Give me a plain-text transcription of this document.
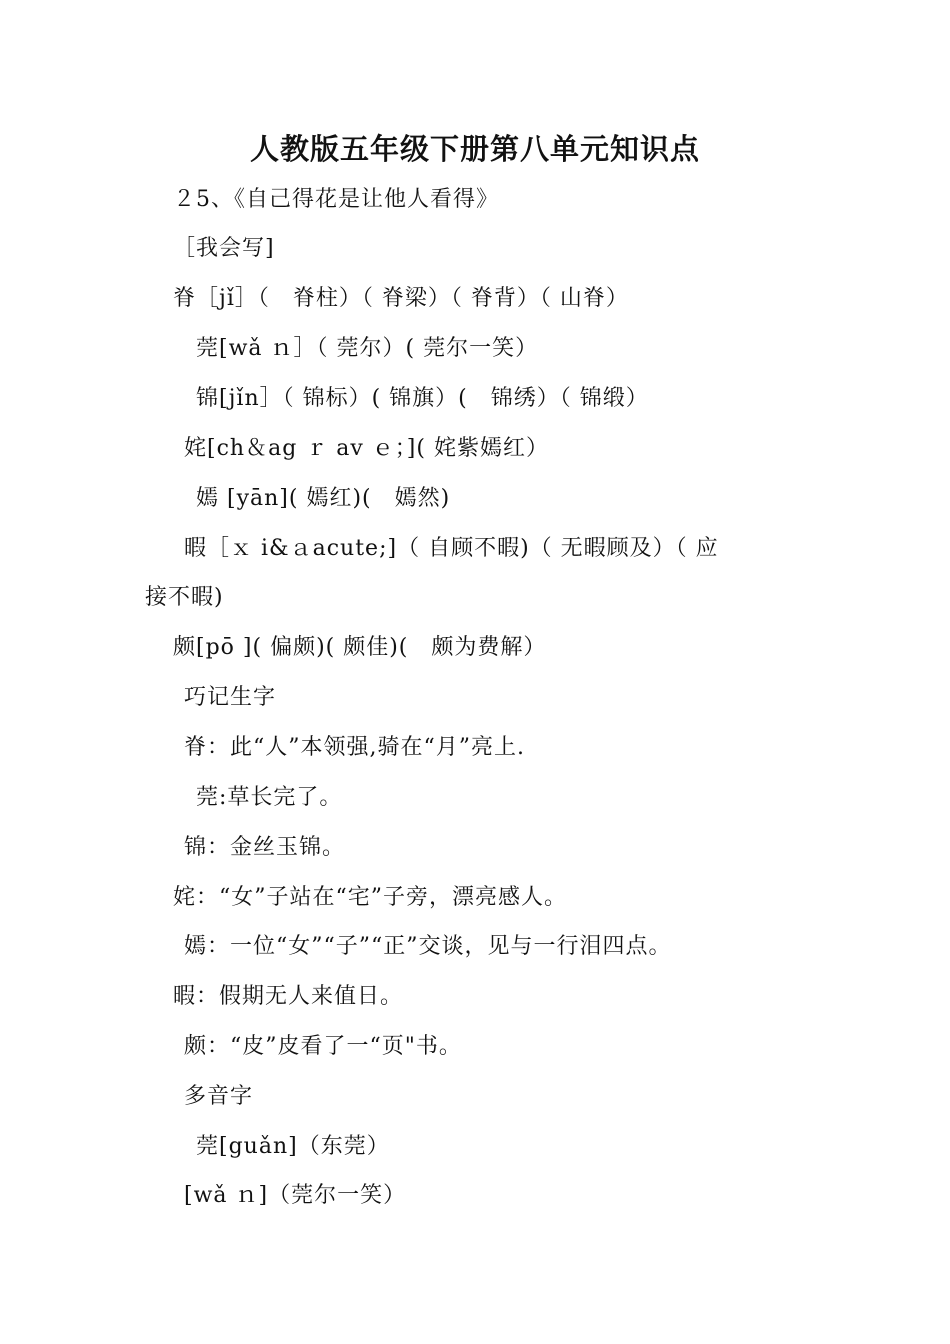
人教版五年级下册第八单元知识点
２5、《自己得花是让他人看得》
［我会写]
脊［jǐ］（　脊柱）（ 脊梁）（ 脊背）（ 山脊）
莞[wǎ ｎ］（ 莞尔）( 莞尔一笑）
锦[jǐn］（ 锦标）( 锦旗）(　锦绣）（ 锦缎）
姹[ch＆ag ｒ av ｅ；]( 姹紫嫣红）
嫣 [yān]( 嫣红)(　嫣然)
暇［ｘ i&ａacute;]（ 自顾不暇)（ 无暇顾及）（ 应
接不暇)
颇[pō ]( 偏颇)( 颇佳)(　颇为费解）
巧记生字
脊：此“人”本领强,骑在“月”亮上.
莞:草长完了。
锦：金丝玉锦。
姹：“女”子站在“宅”子旁，漂亮感人。
嫣：一位“女”“子”“正”交谈，见与一行泪四点。
暇：假期无人来值日。
颇：“皮”皮看了一“页"书。
多音字
莞[guǎn]（东莞）
[wǎ ｎ]（莞尔一笑）
